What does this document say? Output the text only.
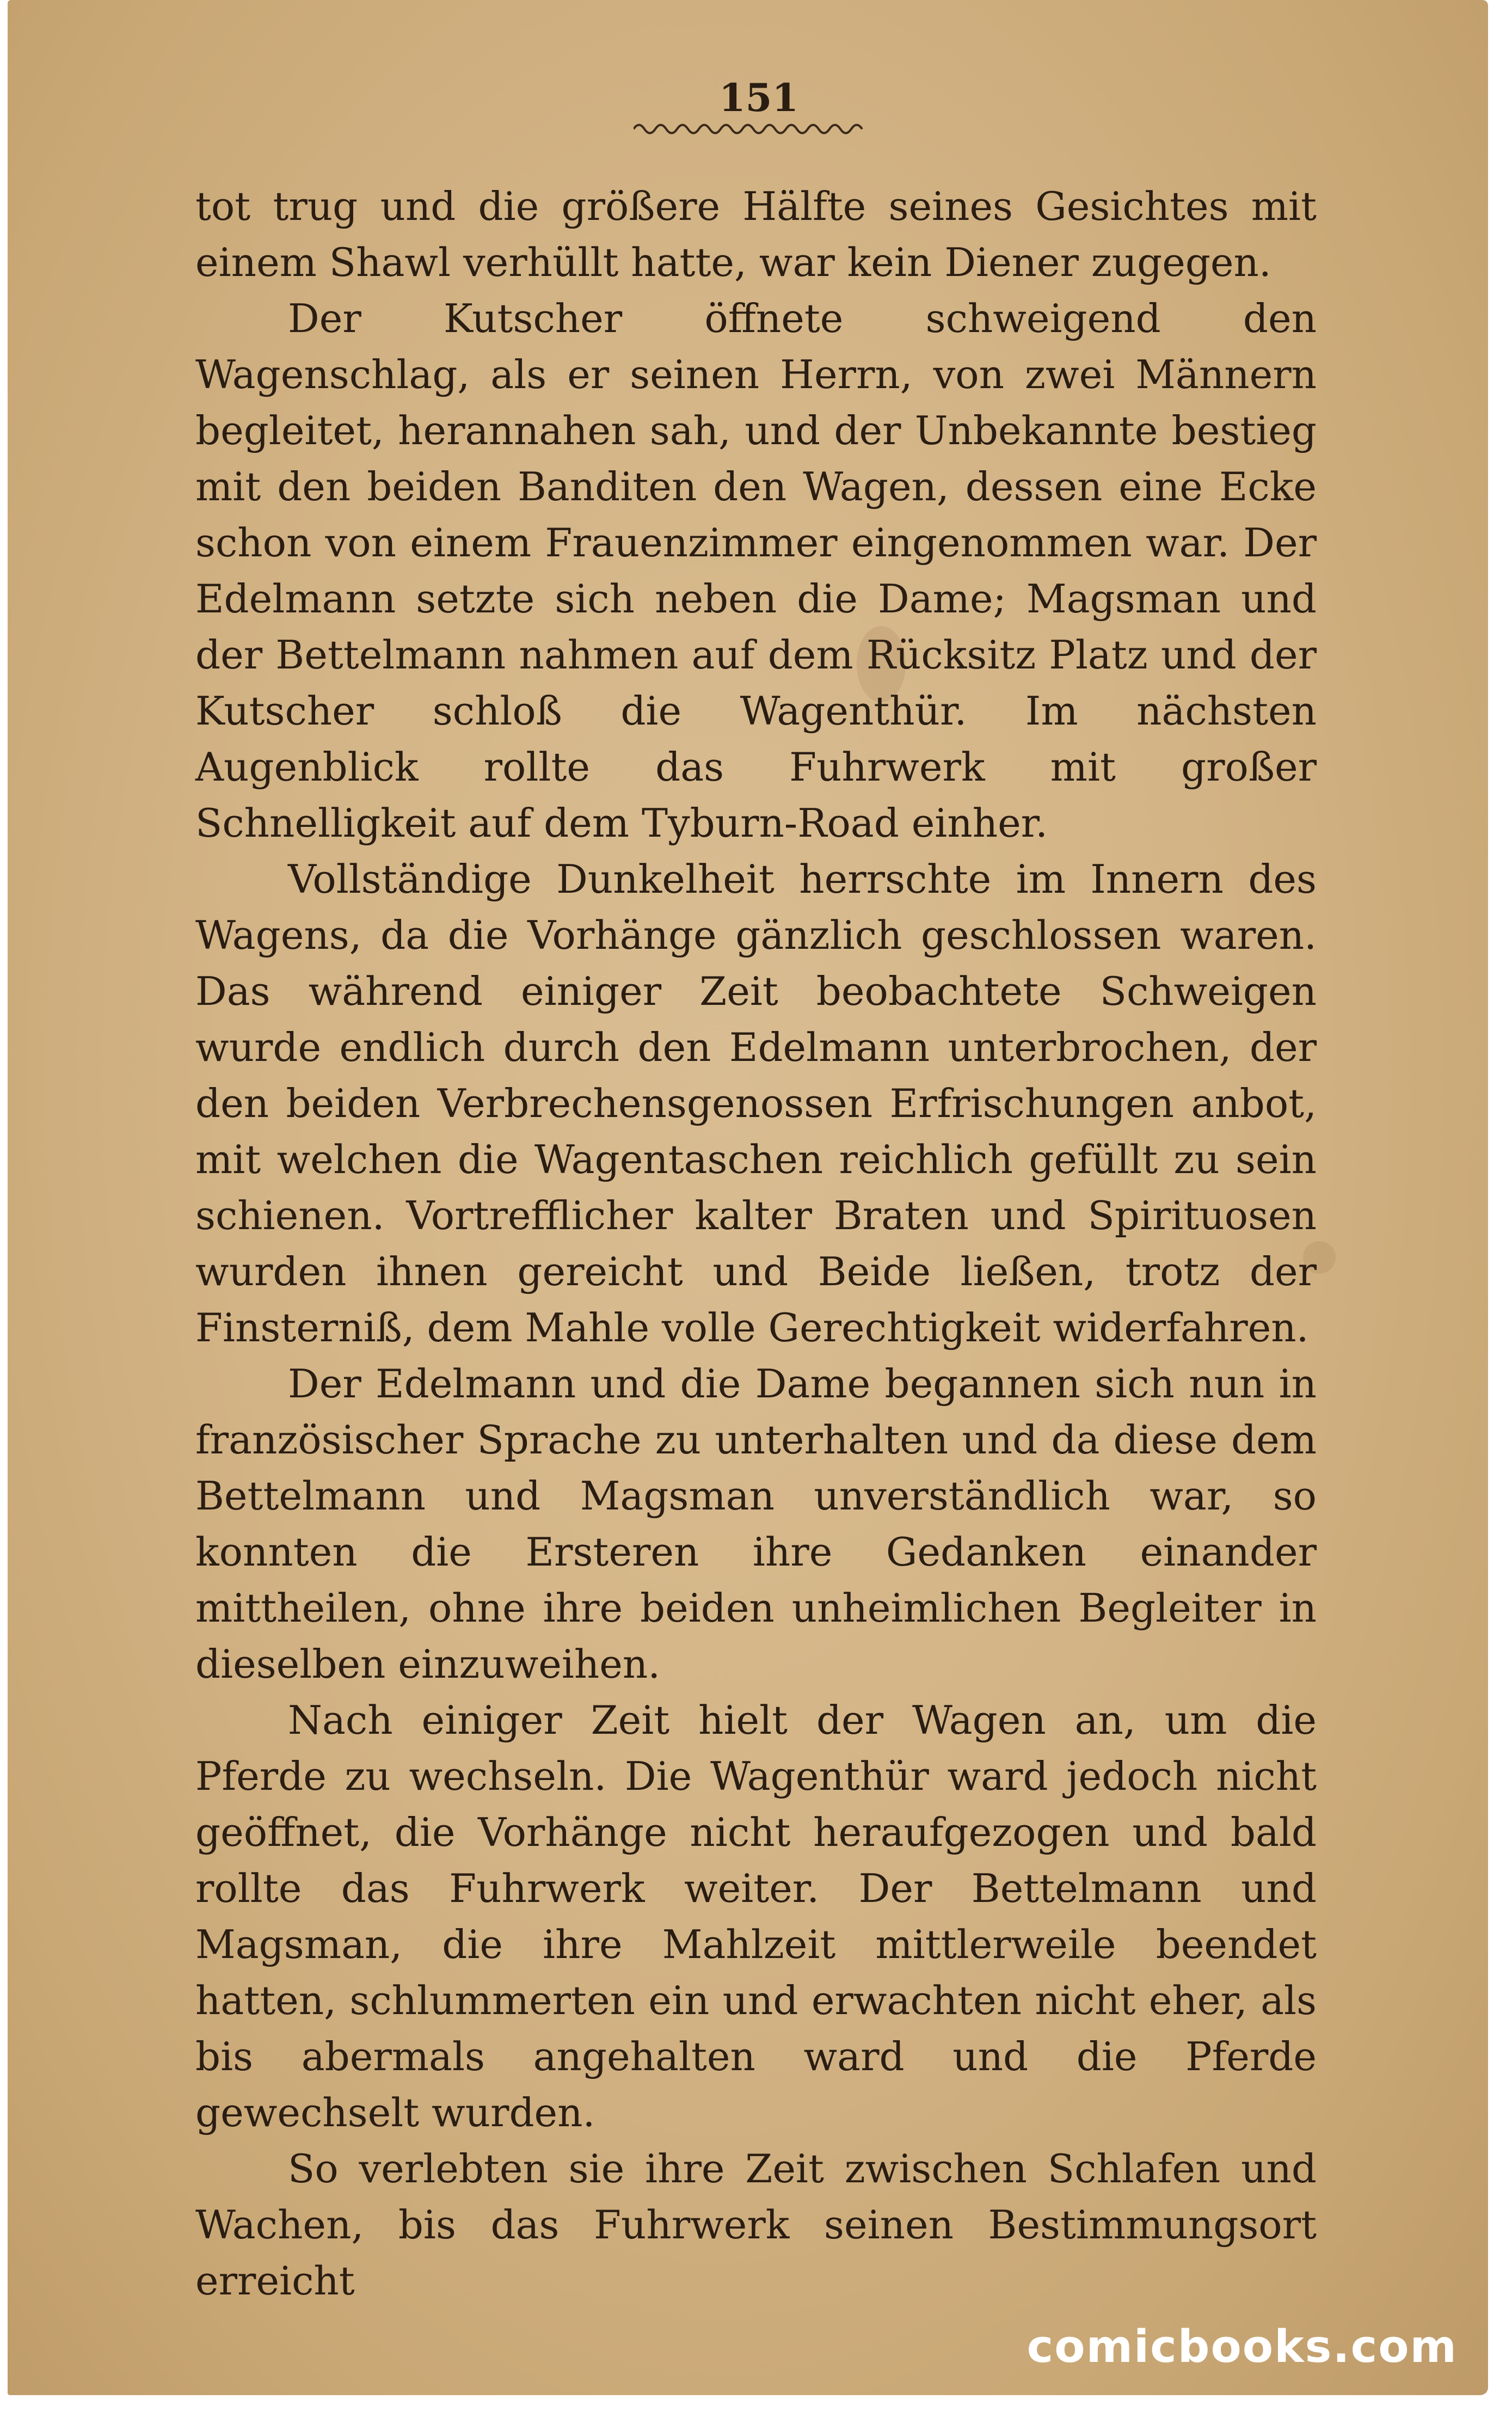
151

tot trug und die größere Hälfte seines Gesichtes mit einem Shawl verhüllt hatte, war kein Diener zugegen.

Der Kutscher öffnete schweigend den Wagenschlag, als er seinen Herrn, von zwei Männern begleitet, herannahen sah, und der Unbekannte bestieg mit den beiden Banditen den Wagen, dessen eine Ecke schon von einem Frauenzimmer eingenommen war. Der Edelmann setzte sich neben die Dame; Magsman und der Bettelmann nahmen auf dem Rücksitz Platz und der Kutscher schloß die Wagenthür. Im nächsten Augenblick rollte das Fuhrwerk mit großer Schnelligkeit auf dem Tyburn-Road einher.

Vollständige Dunkelheit herrschte im Innern des Wagens, da die Vorhänge gänzlich geschlossen waren. Das während einiger Zeit beobachtete Schweigen wurde endlich durch den Edelmann unterbrochen, der den beiden Verbrechensgenossen Erfrischungen anbot, mit welchen die Wagentaschen reichlich gefüllt zu sein schienen. Vortrefflicher kalter Braten und Spirituosen wurden ihnen gereicht und Beide ließen, trotz der Finsterniß, dem Mahle volle Gerechtigkeit widerfahren.

Der Edelmann und die Dame begannen sich nun in französischer Sprache zu unterhalten und da diese dem Bettelmann und Magsman unverständlich war, so konnten die Ersteren ihre Gedanken einander mittheilen, ohne ihre beiden unheimlichen Begleiter in dieselben einzuweihen.

Nach einiger Zeit hielt der Wagen an, um die Pferde zu wechseln. Die Wagenthür ward jedoch nicht geöffnet, die Vorhänge nicht heraufgezogen und bald rollte das Fuhrwerk weiter. Der Bettelmann und Magsman, die ihre Mahlzeit mittlerweile beendet hatten, schlummerten ein und erwachten nicht eher, als bis abermals angehalten ward und die Pferde gewechselt wurden.

So verlebten sie ihre Zeit zwischen Schlafen und Wachen, bis das Fuhrwerk seinen Bestimmungsort erreicht

comicbooks.com
